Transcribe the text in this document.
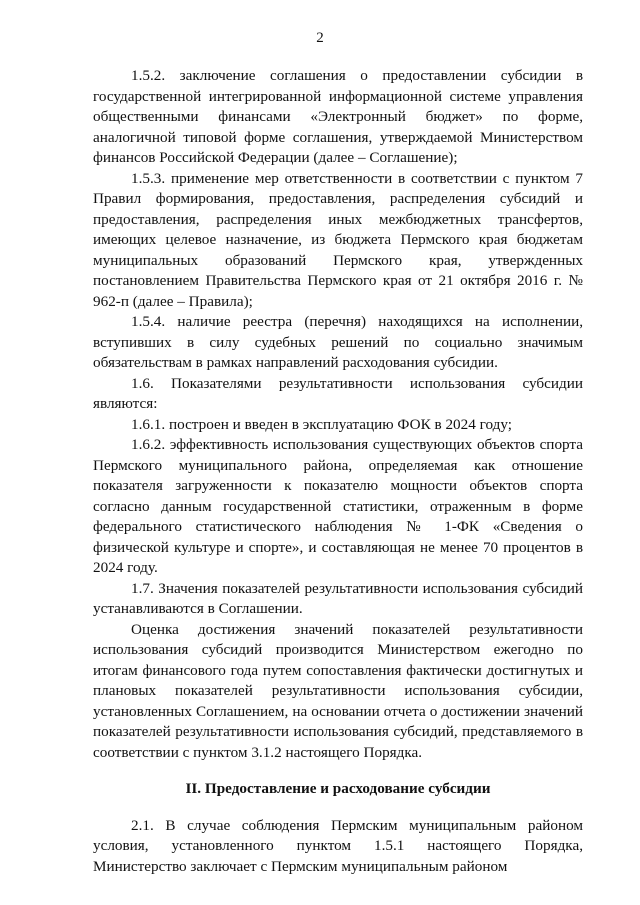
2

1.5.2. заключение соглашения о предоставлении субсидии в государственной интегрированной информационной системе управления общественными финансами «Электронный бюджет» по форме, аналогичной типовой форме соглашения, утверждаемой Министерством финансов Российской Федерации (далее – Соглашение);

1.5.3. применение мер ответственности в соответствии с пунктом 7 Правил формирования, предоставления, распределения субсидий и предоставления, распределения иных межбюджетных трансфертов, имеющих целевое назначение, из бюджета Пермского края бюджетам муниципальных образований Пермского края, утвержденных постановлением Правительства Пермского края от 21 октября 2016 г. № 962-п (далее – Правила);

1.5.4. наличие реестра (перечня) находящихся на исполнении, вступивших в силу судебных решений по социально значимым обязательствам в рамках направлений расходования субсидии.

1.6. Показателями результативности использования субсидии являются:

1.6.1. построен и введен в эксплуатацию ФОК в 2024 году;

1.6.2. эффективность использования существующих объектов спорта Пермского муниципального района, определяемая как отношение показателя загруженности к показателю мощности объектов спорта согласно данным государственной статистики, отраженным в форме федерального статистического наблюдения № 1-ФК «Сведения о физической культуре и спорте», и составляющая не менее 70 процентов в 2024 году.

1.7. Значения показателей результативности использования субсидий устанавливаются в Соглашении.

Оценка достижения значений показателей результативности использования субсидий производится Министерством ежегодно по итогам финансового года путем сопоставления фактически достигнутых и плановых показателей результативности использования субсидии, установленных Соглашением, на основании отчета о достижении значений показателей результативности использования субсидий, представляемого в соответствии с пунктом 3.1.2 настоящего Порядка.

II. Предоставление и расходование субсидии

2.1. В случае соблюдения Пермским муниципальным районом условия, установленного пунктом 1.5.1 настоящего Порядка, Министерство заключает с Пермским муниципальным районом
